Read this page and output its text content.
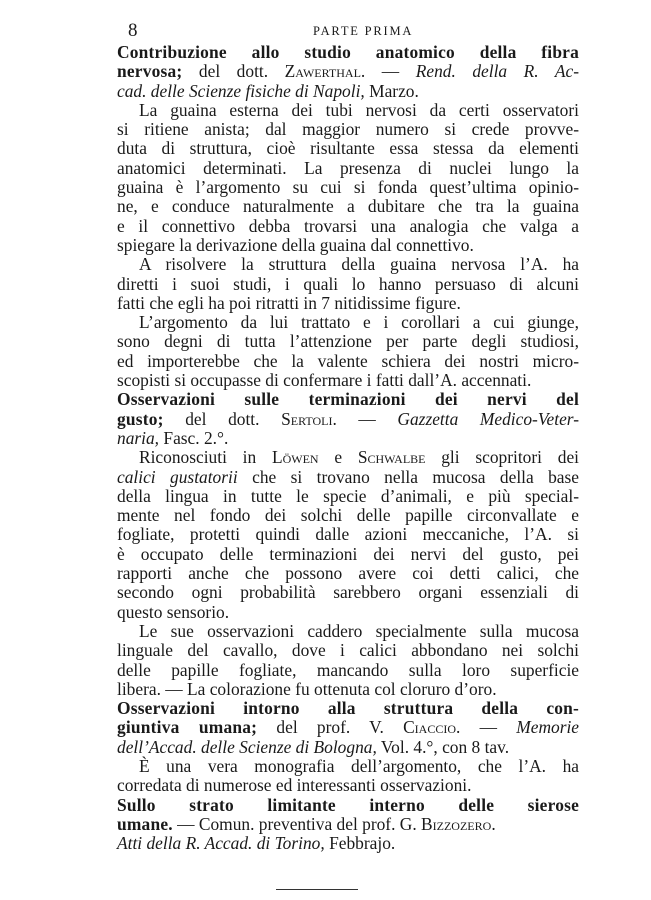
8	PARTE PRIMA
Contribuzione allo studio anatomico della fibra
nervosa; del dott. Zawerthal. — Rend. della R. Ac-
cad. delle Scienze fisiche di Napoli, Marzo.
La guaina esterna dei tubi nervosi da certi osservatori
si ritiene anista; dal maggior numero si crede provve-
duta di struttura, cioè risultante essa stessa da elementi
anatomici determinati. La presenza di nuclei lungo la
guaina è l’argomento su cui si fonda quest’ultima opinio-
ne, e conduce naturalmente a dubitare che tra la guaina
e il connettivo debba trovarsi una analogia che valga a
spiegare la derivazione della guaina dal connettivo.
A risolvere la struttura della guaina nervosa l’A. ha
diretti i suoi studi, i quali lo hanno persuaso di alcuni
fatti che egli ha poi ritratti in 7 nitidissime figure.
L’argomento da lui trattato e i corollari a cui giunge,
sono degni di tutta l’attenzione per parte degli studiosi,
ed importerebbe che la valente schiera dei nostri micro-
scopisti si occupasse di confermare i fatti dall’A. accennati.
Osservazioni sulle terminazioni dei nervi del
gusto; del dott. Sertoli. — Gazzetta Medico-Veter-
naria, Fasc. 2.°.
Riconosciuti in Löwen e Schwalbe gli scopritori dei
calici gustatorii che si trovano nella mucosa della base
della lingua in tutte le specie d’animali, e più special-
mente nel fondo dei solchi delle papille circonvallate e
fogliate, protetti quindi dalle azioni meccaniche, l’A. si
è occupato delle terminazioni dei nervi del gusto, pei
rapporti anche che possono avere coi detti calici, che
secondo ogni probabilità sarebbero organi essenziali di
questo sensorio.
Le sue osservazioni caddero specialmente sulla mucosa
linguale del cavallo, dove i calici abbondano nei solchi
delle papille fogliate, mancando sulla loro superficie
libera. — La colorazione fu ottenuta col cloruro d’oro.
Osservazioni intorno alla struttura della con-
giuntiva umana; del prof. V. Ciaccio. — Memorie
dell’Accad. delle Scienze di Bologna, Vol. 4.°, con 8 tav.
È una vera monografia dell’argomento, che l’A. ha
corredata di numerose ed interessanti osservazioni.
Sullo strato limitante interno delle sierose
umane. — Comun. preventiva del prof. G. Bizzozero.
Atti della R. Accad. di Torino, Febbrajo.
